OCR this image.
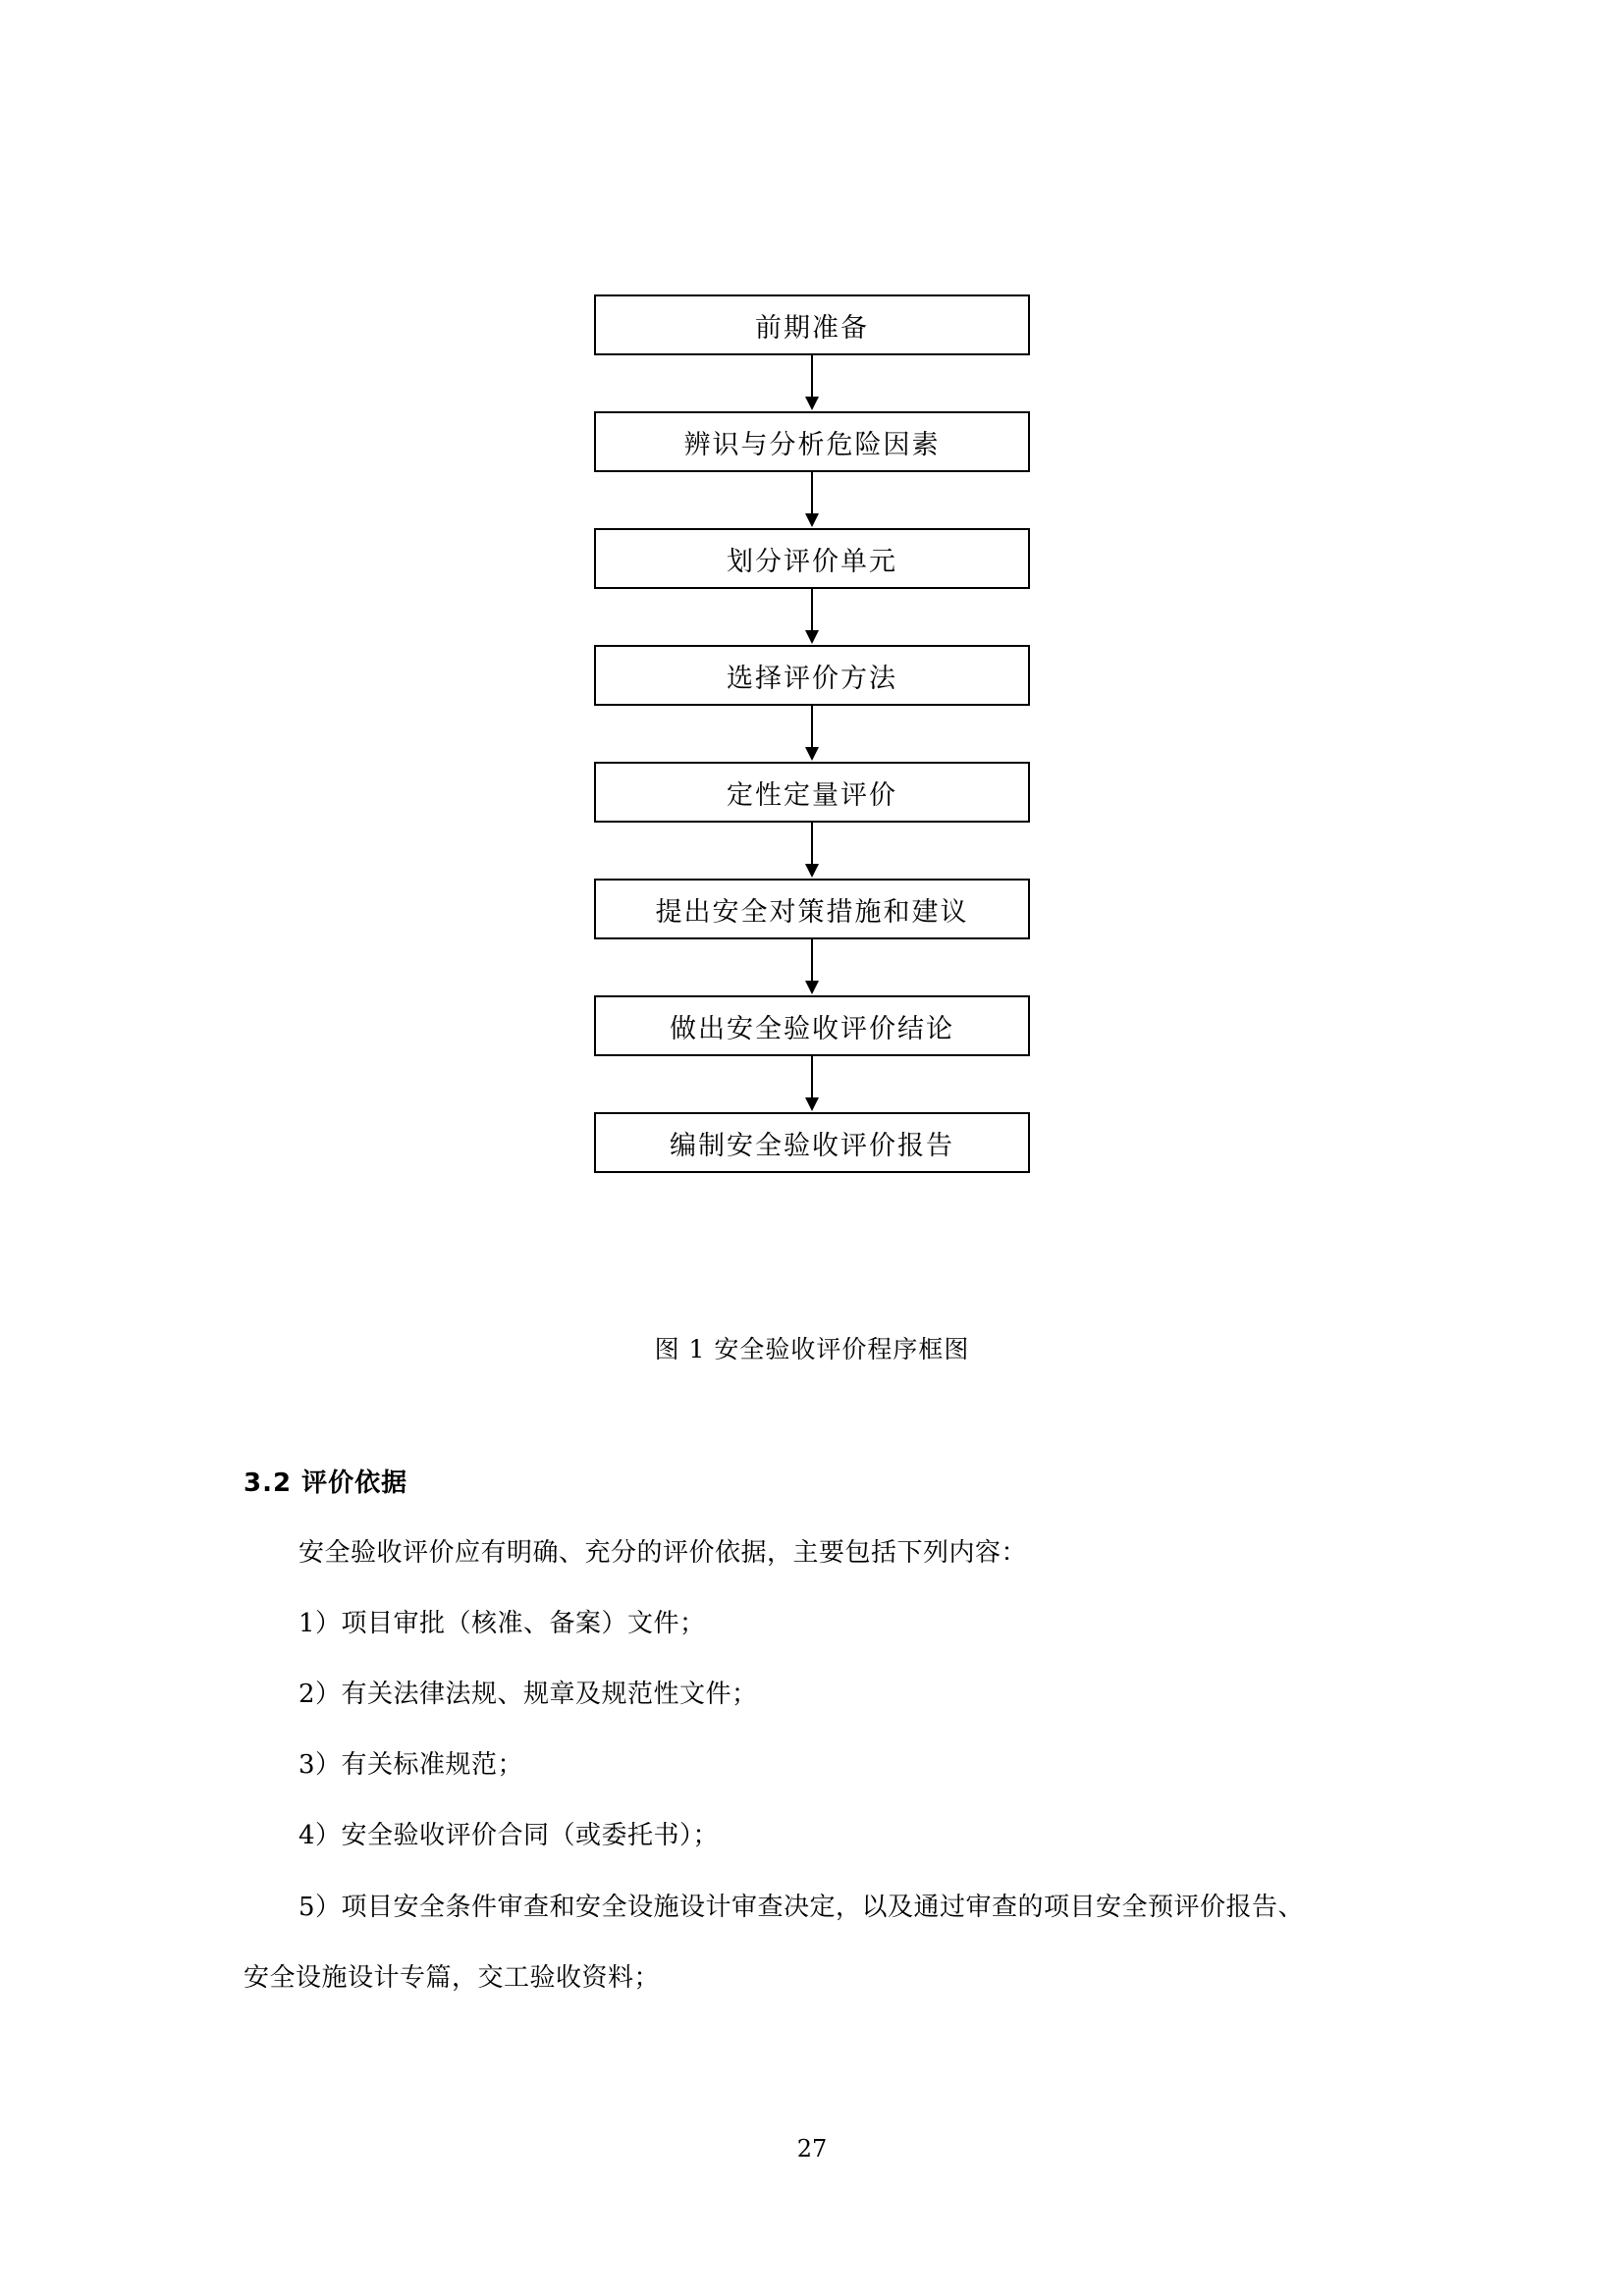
前期准备
辨识与分析危险因素
划分评价单元
选择评价方法
定性定量评价
提出安全对策措施和建议
做出安全验收评价结论
编制安全验收评价报告
图 1 安全验收评价程序框图
3.2 评价依据

安全验收评价应有明确、充分的评价依据，主要包括下列内容：

1）项目审批（核准、备案）文件；

2）有关法律法规、规章及规范性文件；

3）有关标准规范；

4）安全验收评价合同（或委托书）；

5）项目安全条件审查和安全设施设计审查决定，以及通过审查的项目安全预评价报告、

安全设施设计专篇，交工验收资料；

27
